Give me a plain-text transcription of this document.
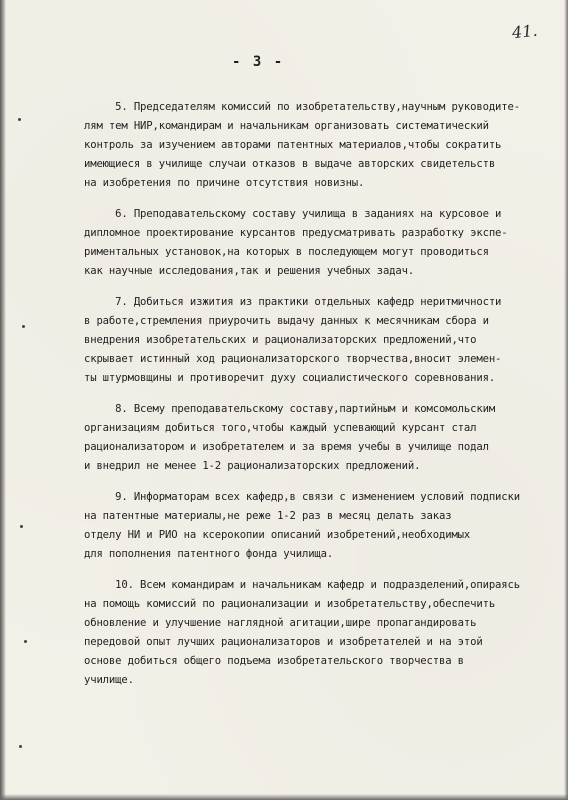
41.
- 3 -
5. Председателям комиссий по изобретательству,научным руководите-
лям тем НИР,командирам и начальникам организовать систематический
контроль за изучением авторами патентных материалов,чтобы сократить
имеющиеся в училище случаи отказов в выдаче авторских свидетельств
на изобретения по причине отсутствия новизны.
6. Преподавательскому составу училища в заданиях на курсовое и
дипломное проектирование курсантов предусматривать разработку экспе-
риментальных установок,на которых в последующем могут проводиться
как научные исследования,так и решения учебных задач.
7. Добиться изжития из практики отдельных кафедр неритмичности
в работе,стремления приурочить выдачу данных к месячникам сбора и
внедрения изобретательских и рационализаторских предложений,что
скрывает истинный ход рационализаторского творчества,вносит элемен-
ты штурмовщины и противоречит духу социалистического соревнования.
8. Всему преподавательскому составу,партийным и комсомольским
организациям добиться того,чтобы каждый успевающий курсант стал
рационализатором и изобретателем и за время учебы в училище подал
и внедрил не менее 1-2 рационализаторских предложений.
9. Информаторам всех кафедр,в связи с изменением условий подписки
на патентные материалы,не реже 1-2 раз в месяц делать заказ
отделу НИ и РИО на ксерокопии описаний изобретений,необходимых
для пополнения патентного фонда училища.
10. Всем командирам и начальникам кафедр и подразделений,опираясь
на помощь комиссий по рационализации и изобретательству,обеспечить
обновление и улучшение наглядной агитации,шире пропагандировать
передовой опыт лучших рационализаторов и изобретателей и на этой
основе добиться общего подъема изобретательского творчества в
училище.
